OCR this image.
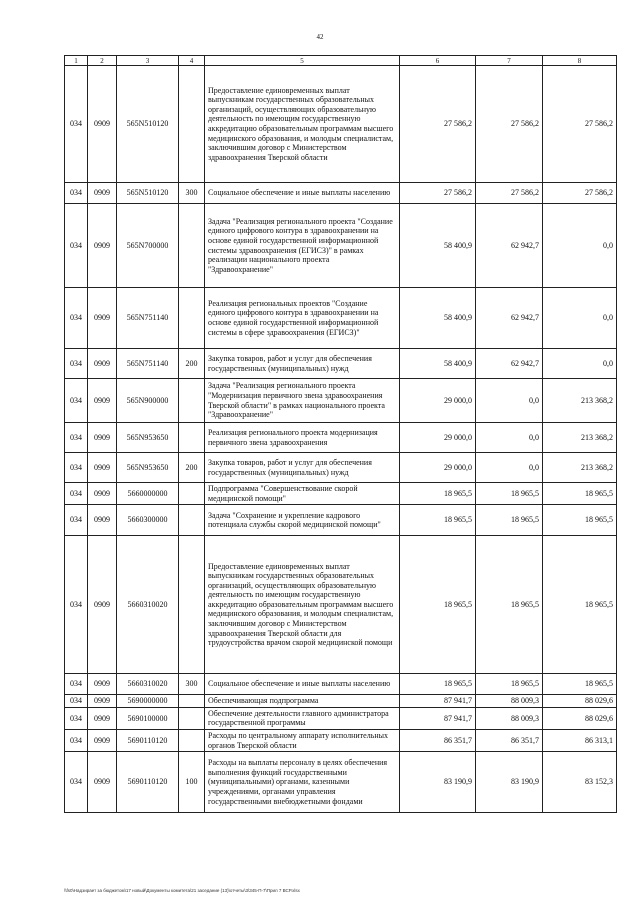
42
1	2	3	4	5	6	7	8
034	0909	565N510120		Предоставление единовременных выплат выпускникам государственных образовательных организаций, осуществляющих образовательную деятельность по имеющим государственную аккредитацию образовательным программам высшего медицинского образования, и молодым специалистам, заключившим договор с Министерством здравоохранения Тверской области	27 586,2	27 586,2	27 586,2
034	0909	565N510120	300	Социальное обеспечение и иные выплаты населению	27 586,2	27 586,2	27 586,2
034	0909	565N700000		Задача "Реализация регионального проекта "Создание единого цифрового контура в здравоохранении на основе единой государственной информационной системы здравоохранения (ЕГИСЗ)" в рамках реализации национального проекта "Здравоохранение"	58 400,9	62 942,7	0,0
034	0909	565N751140		Реализация региональных проектов "Создание единого цифрового контура в здравоохранении на основе единой государственной информационной системы в сфере здравоохранения (ЕГИСЗ)"	58 400,9	62 942,7	0,0
034	0909	565N751140	200	Закупка товаров, работ и услуг для обеспечения государственных (муниципальных) нужд	58 400,9	62 942,7	0,0
034	0909	565N900000		Задача "Реализация регионального проекта "Модернизация первичного звена здравоохранения Тверской области" в рамках национального проекта "Здравоохранение"	29 000,0	0,0	213 368,2
034	0909	565N953650		Реализация регионального проекта модернизация первичного звена здравоохранения	29 000,0	0,0	213 368,2
034	0909	565N953650	200	Закупка товаров, работ и услуг для обеспечения государственных (муниципальных) нужд	29 000,0	0,0	213 368,2
034	0909	5660000000		Подпрограмма "Совершенствование скорой медицинской помощи"	18 965,5	18 965,5	18 965,5
034	0909	5660300000		Задача "Сохранение и укрепление кадрового потенциала службы скорой медицинской помощи"	18 965,5	18 965,5	18 965,5
034	0909	5660310020		Предоставление единовременных выплат выпускникам государственных образовательных организаций, осуществляющих образовательную деятельность по имеющим государственную аккредитацию образовательным программам высшего медицинского образования, и молодым специалистам, заключившим договор с Министерством здравоохранения Тверской области для трудоустройства врачом скорой медицинской помощи	18 965,5	18 965,5	18 965,5
034	0909	5660310020	300	Социальное обеспечение и иные выплаты населению	18 965,5	18 965,5	18 965,5
034	0909	5690000000		Обеспечивающая подпрограмма	87 941,7	88 009,3	88 029,6
034	0909	5690100000		Обеспечение деятельности главного администратора государственной программы	87 941,7	88 009,3	88 029,6
034	0909	5690110120		Расходы по центральному аппарату исполнительных органов Тверской области	86 351,7	86 351,7	86 313,1
034	0909	5690110120	100	Расходы на выплаты персоналу в целях обеспечения выполнения функций государственными (муниципальными) органами, казенными учреждениями, органами управления государственными внебюджетными фондами	83 190,9	83 190,9	83 152,3
\\fs0\Надзирает за бюджетом\17 новый\Документы комитета\21 заседание (13)\отчеты\3\345-П-7\Прил 7 ВСР.xlsx
